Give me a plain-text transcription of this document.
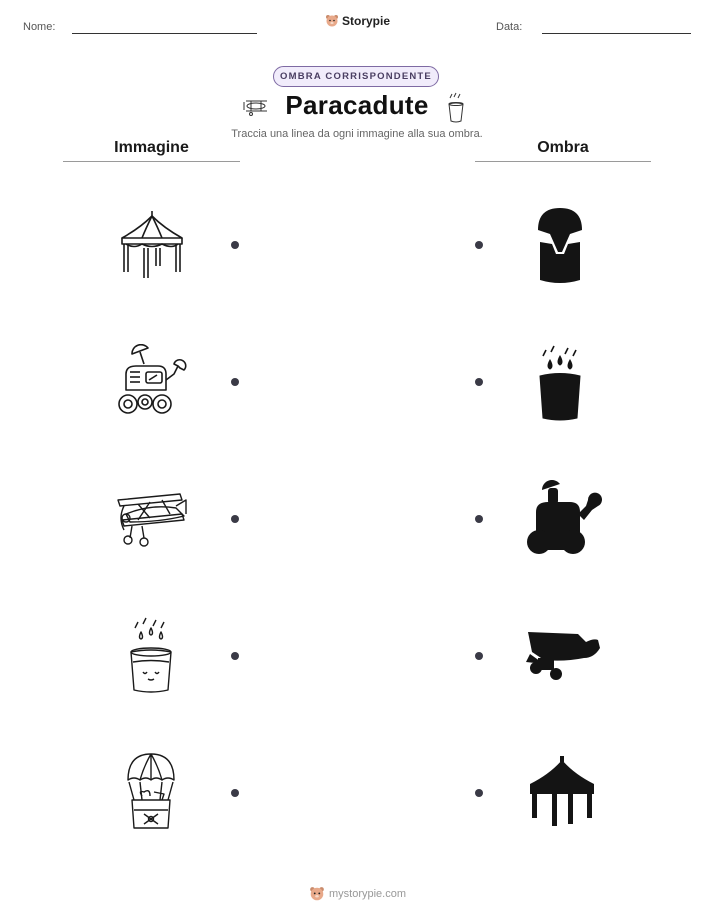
Nome:	Storypie	Data:
OMBRA CORRISPONDENTE
Paracadute
Traccia una linea da ogni immagine alla sua ombra.
Immagine	Ombra
mystorypie.com
